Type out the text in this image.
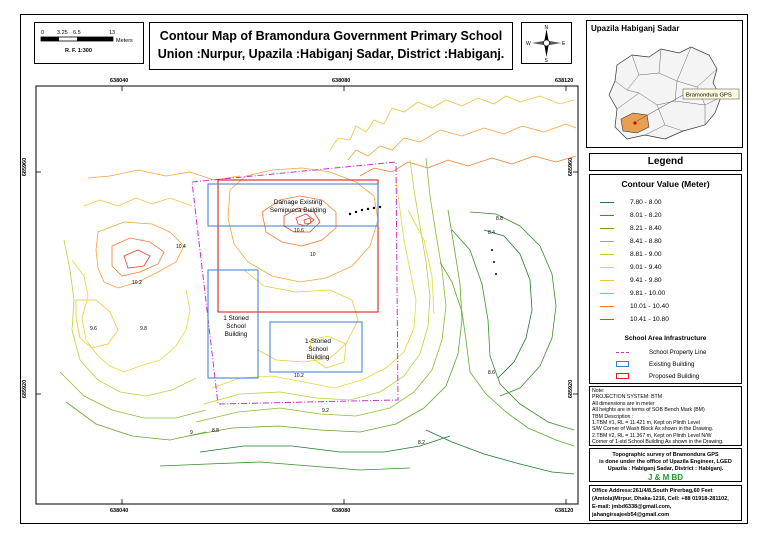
0 3.25 6.5	13
Meters
R. F. 1:300
Contour Map of Bramondura Government Primary School
Union :Nurpur, Upazila :Habiganj Sadar, District :Habiganj.
N
S
E
W
Upazila Habiganj Sadar
Bramondura GPS
Legend
Contour Value (Meter)
7.80 - 8.00
8.01 - 8.20
8.21 - 8.40
8.41 - 8.80
8.81 - 9.00
9.01 - 9.40
9.41 - 9.80
9.81 - 10.00
10.01 - 10.40
10.41 - 10.80
School Area Infrastructure
School Property Line
Existing Building
Proposed Building
Note:
PROJECTION SYSTEM: BTM
All dimensions are in meter
All heights are in terms of SOB Bench Mark (BM)
TBM Description :
1.TBM #1, RL = 11.421 m, Kept on Plinth Level
S/W Corner of Wash Block As shown in the Drawing.
2.TBM #2, RL = 11.367 m, Kept on Plinth Level N/W
Corner of 1-std School Building As shown in the Drawing.
Topographic survey of Bramondura GPS
is done under the office of Upazila Engineer, LGED
Upazila : Habiganj Sadar, District : Habiganj.
J & M BD
Office Address:261/4/8,South Pirerbag,60 Feet
(Amtola)Mirpur, Dhaka-1216, Cell: +88 01918-281102,
E-mail: jmbd6338@gmail.com,
jahangirsajeeb54@gmail.com
638040	638080	638120
638040	638080	638120
685960
685920
685960
685920
10.4
10.2
9.6	9.8
10.6
10
10.2	8.6
8.8
8.4
8.8
9.2
8.2
9
Damage Existing
Semipucca Building
1 Storied
School
Building
1-Storied
School
Building
